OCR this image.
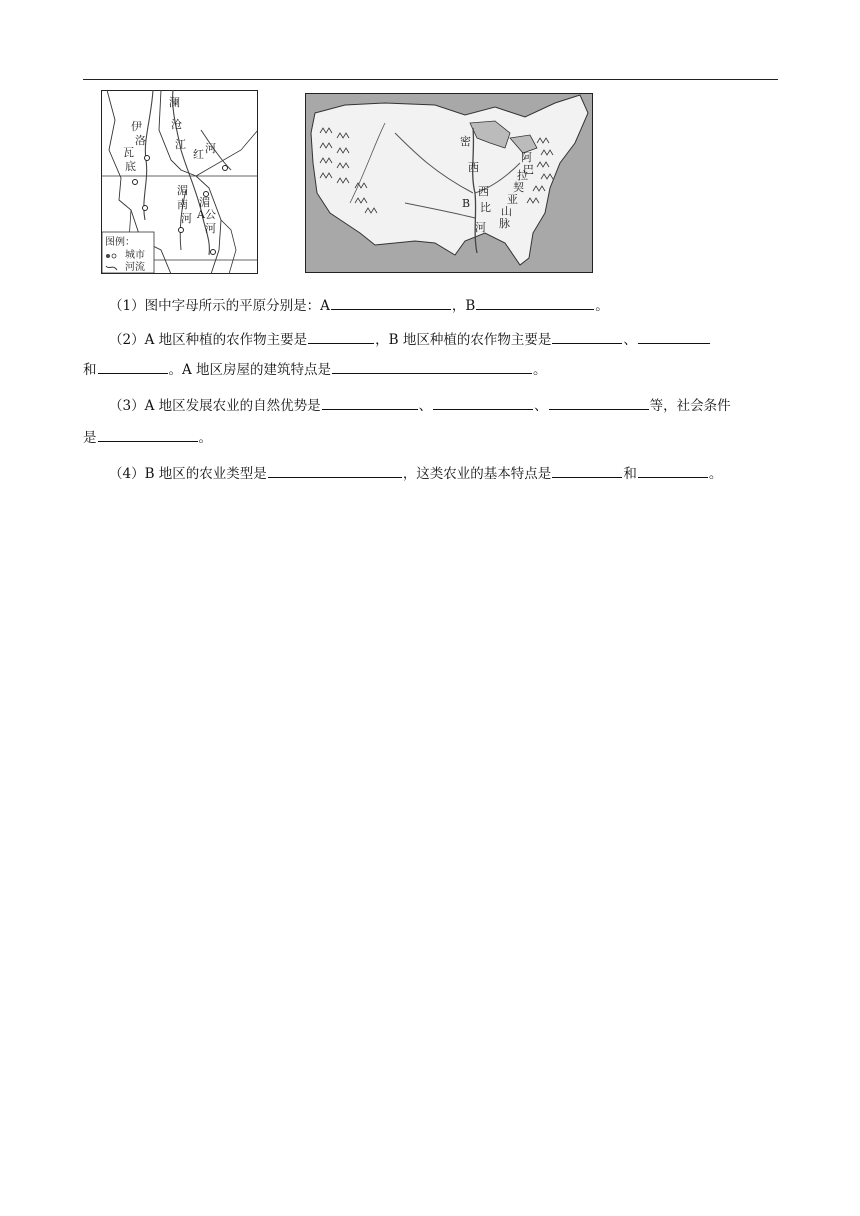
澜
沧
江
伊
洛
瓦
底
红 河
湄
南
河
湄
公
河
A
图例：
城市
河流
密
西
西
比
河
B
阿
巴
拉
契
亚
山
脉
（1）图中字母所示的平原分别是：A	，B	。
（2）A 地区种植的农作物主要是	，B 地区种植的农作物主要是	、
和	。A 地区房屋的建筑特点是	。
（3）A 地区发展农业的自然优势是	、	、	等，社会条件
是	。
（4）B 地区的农业类型是	，这类农业的基本特点是	和	。
